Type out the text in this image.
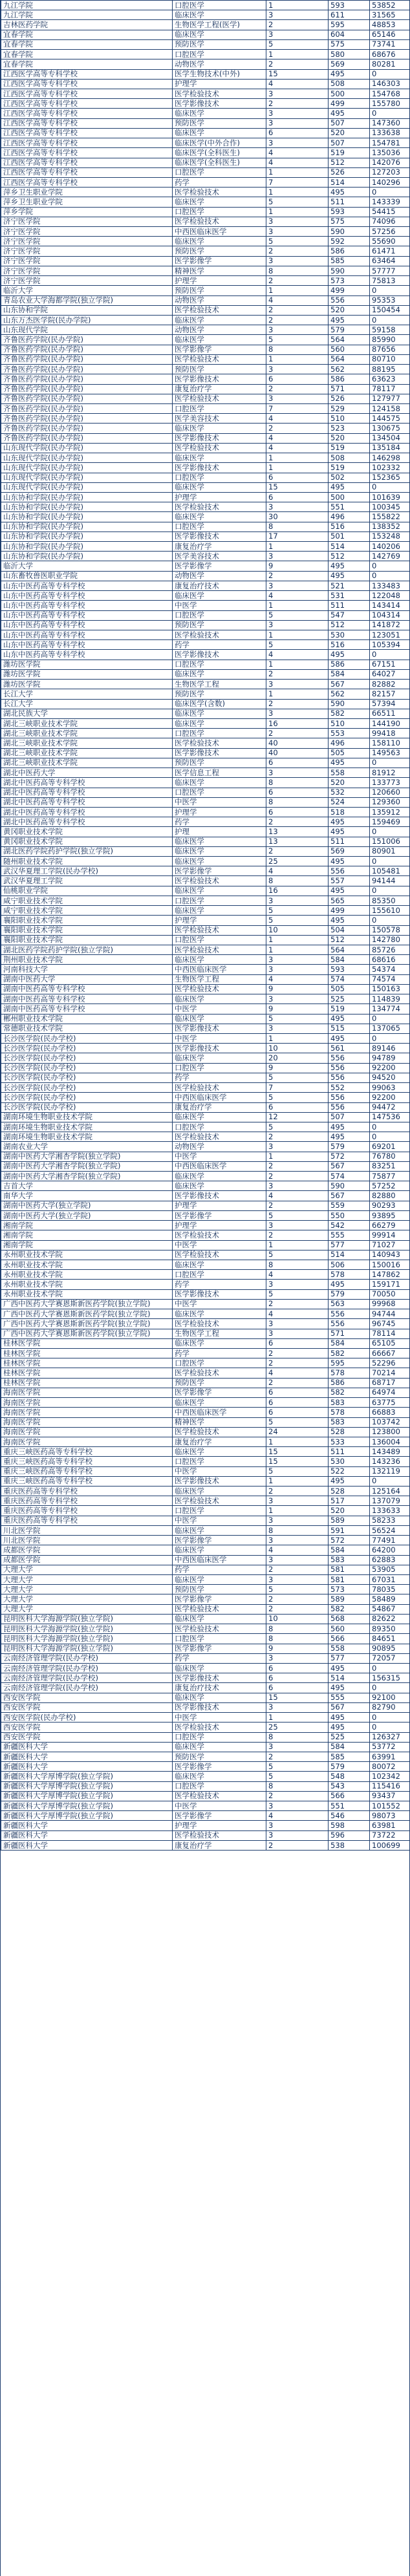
九江学院	口腔医学	1	593	53852
九江学院	临床医学	3	611	31565
吉林医药学院	生物医学工程(医学)	2	595	48853
宜春学院	临床医学	3	604	65146
宜春学院	预防医学	5	575	73741
宜春学院	口腔医学	1	580	68676
宜春学院	动物医学	2	569	80281
江西医学高等专科学校	医学生物技术(中外)	15	495	0
江西医学高等专科学校	护理学	4	508	146303
江西医学高等专科学校	医学检验技术	3	500	154768
江西医学高等专科学校	医学影像技术	2	499	155780
江西医学高等专科学校	临床医学	3	495	0
江西医学高等专科学校	预防医学	3	507	147360
江西医学高等专科学校	临床医学	6	520	133638
江西医学高等专科学校	临床医学(中外合作)	3	507	154781
江西医学高等专科学校	临床医学(全科医生)	4	519	135036
江西医学高等专科学校	临床医学(全科医生)	4	512	142076
江西医学高等专科学校	口腔医学	1	526	127203
江西医学高等专科学校	药学	7	514	140296
萍乡卫生职业学院	医学检验技术	1	495	0
萍乡卫生职业学院	临床医学	5	511	143339
萍乡学院	口腔医学	1	593	54415
济宁医学院	医学检验技术	3	575	74096
济宁医学院	中西医临床医学	3	590	57256
济宁医学院	临床医学	5	592	55690
济宁医学院	预防医学	2	586	61471
济宁医学院	医学影像学	3	585	63464
济宁医学院	精神医学	8	590	57777
济宁医学院	护理学	2	573	75813
临沂大学	预防医学	1	499	0
青岛农业大学海都学院(独立学院)	动物医学	4	556	95353
山东协和学院	医学检验技术	2	520	150454
山东万杰医学院(民办学院)	临床医学	2	495	0
山东现代学院	动物医学	3	579	59158
齐鲁医药学院(民办学院)	临床医学	5	564	85990
齐鲁医药学院(民办学院)	医学影像学	8	560	87656
齐鲁医药学院(民办学院)	医学检验技术	1	564	80710
齐鲁医药学院(民办学院)	预防医学	3	562	88195
齐鲁医药学院(民办学院)	医学影像技术	6	586	63623
齐鲁医药学院(民办学院)	康复治疗学	2	571	78117
齐鲁医药学院(民办学院)	医学检验技术	3	526	127977
齐鲁医药学院(民办学院)	口腔医学	7	529	124158
齐鲁医药学院(民办学院)	医学美容技术	4	510	144575
齐鲁医药学院(民办学院)	临床医学	2	523	130675
齐鲁医药学院(民办学院)	医学影像技术	4	520	134504
山东现代学院(民办学院)	医学检验技术	4	519	135184
山东现代学院(民办学院)	临床医学	1	508	146298
山东现代学院(民办学院)	医学影像技术	1	519	102332
山东现代学院(民办学院)	口腔医学	6	502	152365
山东现代学院(民办学院)	临床医学	15	495	0
山东协和学院(民办学院)	护理学	6	500	101639
山东协和学院(民办学院)	医学检验技术	3	551	100345
山东协和学院(民办学院)	临床医学	30	496	155822
山东协和学院(民办学院)	口腔医学	8	516	138352
山东协和学院(民办学院)	医学影像技术	17	501	153248
山东协和学院(民办学院)	康复治疗学	1	514	140206
山东协和学院(民办学院)	医学美容技术	3	512	142769
临沂大学	医学影像学	9	495	0
山东畜牧兽医职业学院	动物医学	2	495	0
山东中医药高等专科学校	康复治疗技术	3	521	133483
山东中医药高等专科学校	临床医学	4	531	122048
山东中医药高等专科学校	中医学	1	511	143414
山东中医药高等专科学校	口腔医学	5	547	104314
山东中医药高等专科学校	预防医学	3	512	141872
山东中医药高等专科学校	医学检验技术	1	530	123051
山东中医药高等专科学校	药学	5	516	105394
山东中医药高等专科学校	医学影像技术	4	495	0
潍坊医学院	口腔医学	1	586	67151
潍坊医学院	临床医学	2	584	64027
潍坊医学院	生物医学工程	3	567	82882
长江大学	预防医学	1	562	82157
长江大学	临床医学(含数)	2	590	57394
湖北民族大学	临床医学	3	582	66511
湖北三峡职业技术学院	临床医学	16	510	144190
湖北三峡职业技术学院	口腔医学	2	553	99418
湖北三峡职业技术学院	医学检验技术	40	496	158110
湖北三峡职业技术学院	医学影像技术	40	505	149563
湖北三峡职业技术学院	预防医学	6	495	0
湖北中医药大学	医学信息工程	3	558	81912
湖北中医药高等专科学校	临床医学	8	520	133773
湖北中医药高等专科学校	口腔医学	6	532	120660
湖北中医药高等专科学校	中医学	8	524	129360
湖北中医药高等专科学校	护理学	6	518	135912
湖北中医药高等专科学校	药学	2	495	159469
黄冈职业技术学院	护理	13	495	0
黄冈职业技术学院	临床医学	13	511	151006
湖北医药学院药护学院(独立学院)	临床医学	2	569	80901
随州职业技术学院	临床医学	25	495	0
武汉华夏理工学院(民办学校)	医学影像学	4	556	105481
武汉华夏理工学院	医学检验技术	8	557	94144
仙桃职业学院	临床医学	16	495	0
咸宁职业技术学院	口腔医学	3	565	85350
咸宁职业技术学院	临床医学	5	499	155610
襄阳职业技术学院	护理学	5	495	0
襄阳职业技术学院	医学检验技术	10	504	150578
襄阳职业技术学院	口腔医学	1	512	142780
湖北医药学院药护学院(独立学院)	医学检验技术	1	564	85726
荆州职业技术学院	临床医学	3	584	68616
河南科技大学	中西医临床医学	3	593	54374
湖南中医药大学	生物医学工程	4	574	74574
湖南中医药高等专科学校	医学检验技术	9	505	150163
湖南中医药高等专科学校	临床医学	3	525	114839
湖南中医药高等专科学校	中医学	9	519	134774
郴州职业技术学院	临床医学	5	495	0
常德职业技术学院	医学影像技术	3	515	137065
长沙医学院(民办学校)	中医学	1	495	0
长沙医学院(民办学校)	医学影像技术	10	561	89146
长沙医学院(民办学校)	临床医学	20	556	94789
长沙医学院(民办学校)	口腔医学	9	556	92200
长沙医学院(民办学校)	药学	5	556	94520
长沙医学院(民办学校)	医学检验技术	7	552	99063
长沙医学院(民办学校)	中西医临床医学	5	556	92200
长沙医学院(民办学校)	康复治疗学	6	556	94472
湖南环境生物职业技术学院	临床医学	12	507	147536
湖南环境生物职业技术学院	口腔医学	5	495	0
湖南环境生物职业技术学院	医学检验技术	2	495	0
湖南农业大学	动物医学	3	579	69201
湖南中医药大学湘杏学院(独立学院)	中医学	1	572	76780
湖南中医药大学湘杏学院(独立学院)	中西医临床医学	2	567	83251
湖南中医药大学湘杏学院(独立学院)	临床医学	2	574	75877
吉首大学	临床医学	3	590	57252
南华大学	医学影像技术	4	567	82880
湖南中医药大学(独立学院)	护理学	2	559	90293
湖南中医药大学(独立学院)	医学影像学	5	550	93895
湘南学院	护理学	3	542	66279
湘南学院	医学检验技术	2	555	99914
湘南学院	中医学	1	577	71027
永州职业技术学院	医学检验技术	5	514	140943
永州职业技术学院	临床医学	8	506	150016
永州职业技术学院	口腔医学	4	578	147862
永州职业技术学院	药学	3	495	159171
永州职业技术学院	医学影像技术	5	579	70050
广西中医药大学赛恩斯新医药学院(独立学院)	中医学	2	563	99968
广西中医药大学赛恩斯新医药学院(独立学院)	临床医学	4	556	94744
广西中医药大学赛恩斯新医药学院(独立学院)	医学检验技术	3	556	96745
广西中医药大学赛恩斯新医药学院(独立学院)	生物医学工程	3	571	78114
桂林医学院	临床医学	6	584	65105
桂林医学院	药学	2	582	66667
桂林医学院	口腔医学	2	595	52296
桂林医学院	医学检验技术	4	578	70214
桂林医学院	预防医学	2	586	68717
海南医学院	医学影像学	6	582	64974
海南医学院	临床医学	6	583	63775
海南医学院	中西医临床医学	6	578	66883
海南医学院	精神医学	5	583	103742
海南医学院	医学检验技术	24	528	123800
海南医学院	康复治疗学	1	533	136004
重庆三峡医药高等专科学校	临床医学	15	511	143489
重庆三峡医药高等专科学校	口腔医学	15	530	143236
重庆三峡医药高等专科学校	中医学	5	522	132119
重庆三峡医药高等专科学校	医学影像技术	1	495	0
重庆医药高等专科学校	临床医学	2	528	125164
重庆医药高等专科学校	医学检验技术	3	517	137079
重庆医药高等专科学校	口腔医学	1	520	133633
重庆医药高等专科学校	中医学	3	589	58233
川北医学院	临床医学	8	591	56524
川北医学院	医学影像学	3	572	77491
成都医学院	临床医学	4	584	64200
成都医学院	中西医临床医学	3	583	62883
大理大学	药学	2	581	53905
大理大学	临床医学	3	581	67031
大理大学	预防医学	5	573	78035
大理大学	医学影像学	2	589	58489
大理大学	医学检验技术	2	582	54867
昆明医科大学海源学院(独立学院)	临床医学	10	568	82622
昆明医科大学海源学院(独立学院)	医学检验技术	8	560	89350
昆明医科大学海源学院(独立学院)	口腔医学	8	566	84651
昆明医科大学海源学院(独立学院)	医学影像学	9	558	90895
云南经济管理学院(民办学校)	药学	3	577	72057
云南经济管理学院(民办学校)	临床医学	6	495	0
云南经济管理学院(民办学校)	医学影像技术	6	514	156315
云南经济管理学院(民办学校)	康复治疗技术	6	495	0
西安医学院	临床医学	15	555	92100
西安医学院	医学影像技术	3	567	82790
西安医学院(民办学校)	中医学	1	495	0
西安医学院	医学检验技术	25	495	0
西安医学院	口腔医学	8	525	126327
新疆医科大学	临床医学	3	584	53772
新疆医科大学	预防医学	2	585	63991
新疆医科大学	医学影像学	5	579	80072
新疆医科大学厚博学院(独立学院)	临床医学	5	548	102342
新疆医科大学厚博学院(独立学院)	口腔医学	8	543	115416
新疆医科大学厚博学院(独立学院)	医学检验技术	2	566	93437
新疆医科大学厚博学院(独立学院)	中医学	3	551	101552
新疆医科大学厚博学院(独立学院)	医学影像学	4	546	98073
新疆医科大学	护理学	3	598	63981
新疆医科大学	医学检验技术	3	596	73722
新疆医科大学	康复治疗学	2	538	100699
